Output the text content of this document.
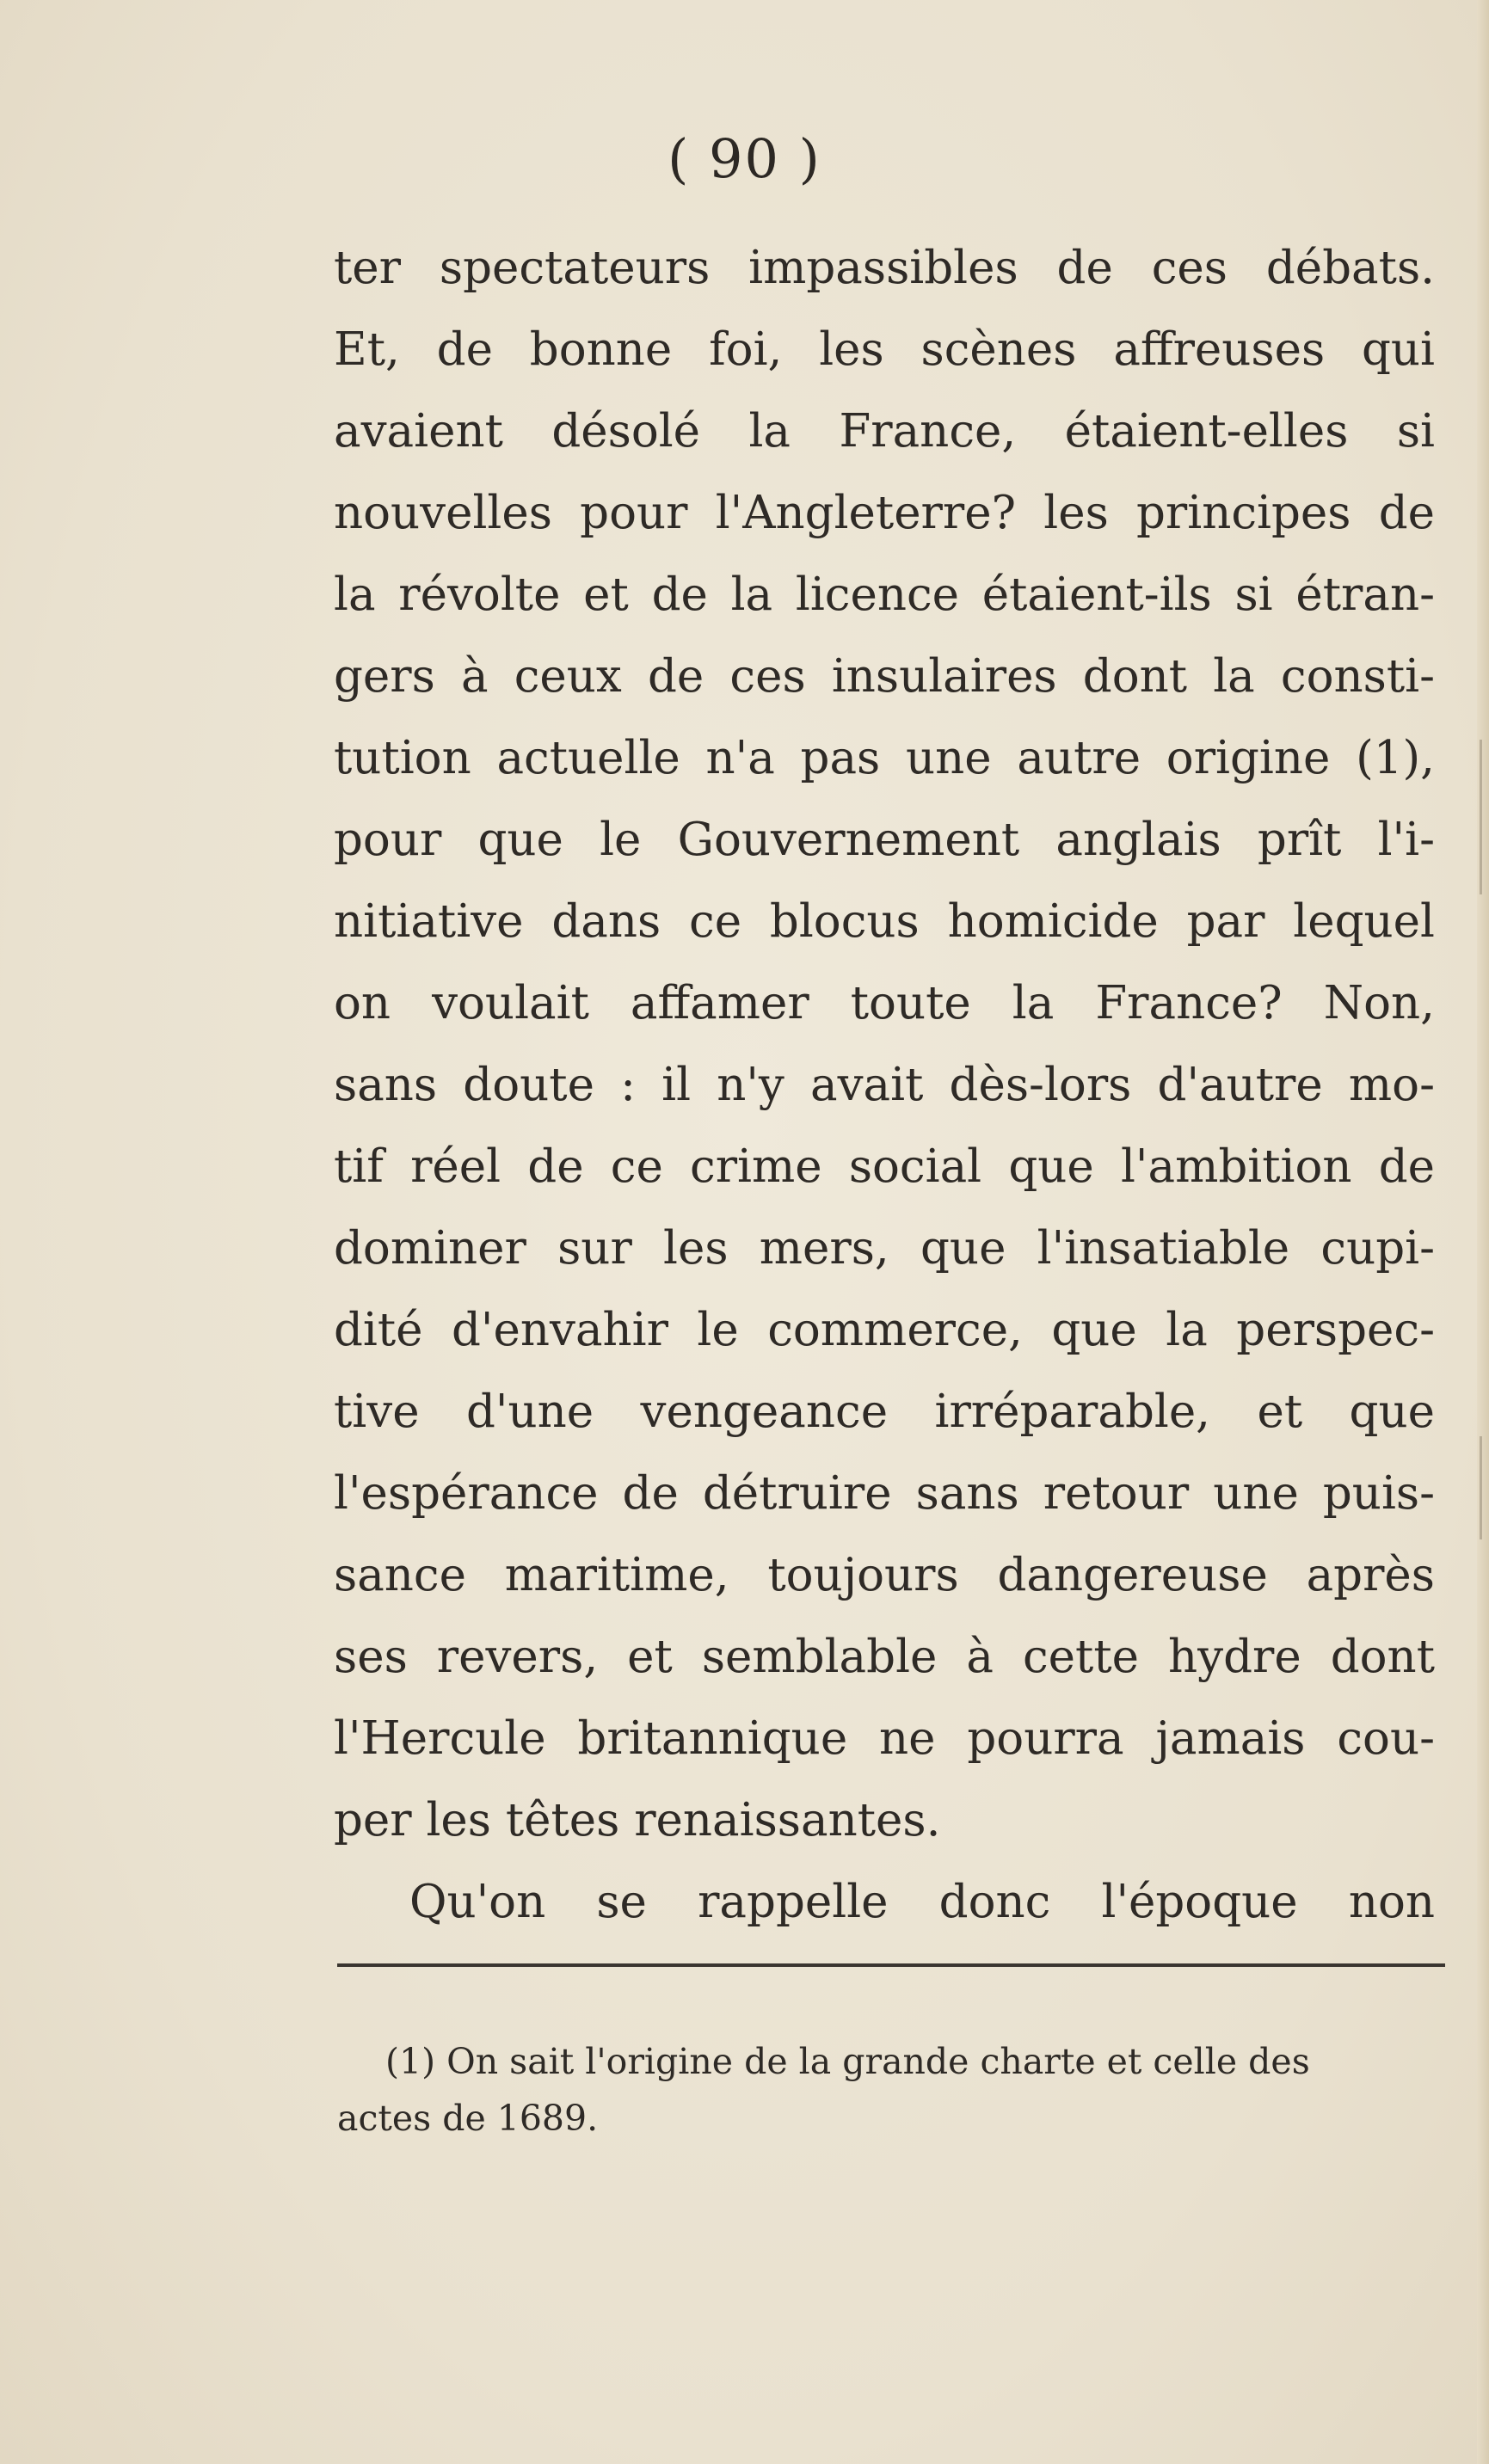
( 90 )
ter spectateurs impassibles de ces débats.
Et, de bonne foi, les scènes affreuses qui
avaient désolé la France, étaient-elles si
nouvelles pour l'Angleterre? les principes de
la révolte et de la licence étaient-ils si étran-
gers à ceux de ces insulaires dont la consti-
tution actuelle n'a pas une autre origine (1),
pour que le Gouvernement anglais prît l'i-
nitiative dans ce blocus homicide par lequel
on voulait affamer toute la France? Non,
sans doute : il n'y avait dès-lors d'autre mo-
tif réel de ce crime social que l'ambition de
dominer sur les mers, que l'insatiable cupi-
dité d'envahir le commerce, que la perspec-
tive d'une vengeance irréparable, et que
l'espérance de détruire sans retour une puis-
sance maritime, toujours dangereuse après
ses revers, et semblable à cette hydre dont
l'Hercule britannique ne pourra jamais cou-
per les têtes renaissantes.
Qu'on se rappelle donc l'époque non
(1) On sait l'origine de la grande charte et celle des
actes de 1689.
